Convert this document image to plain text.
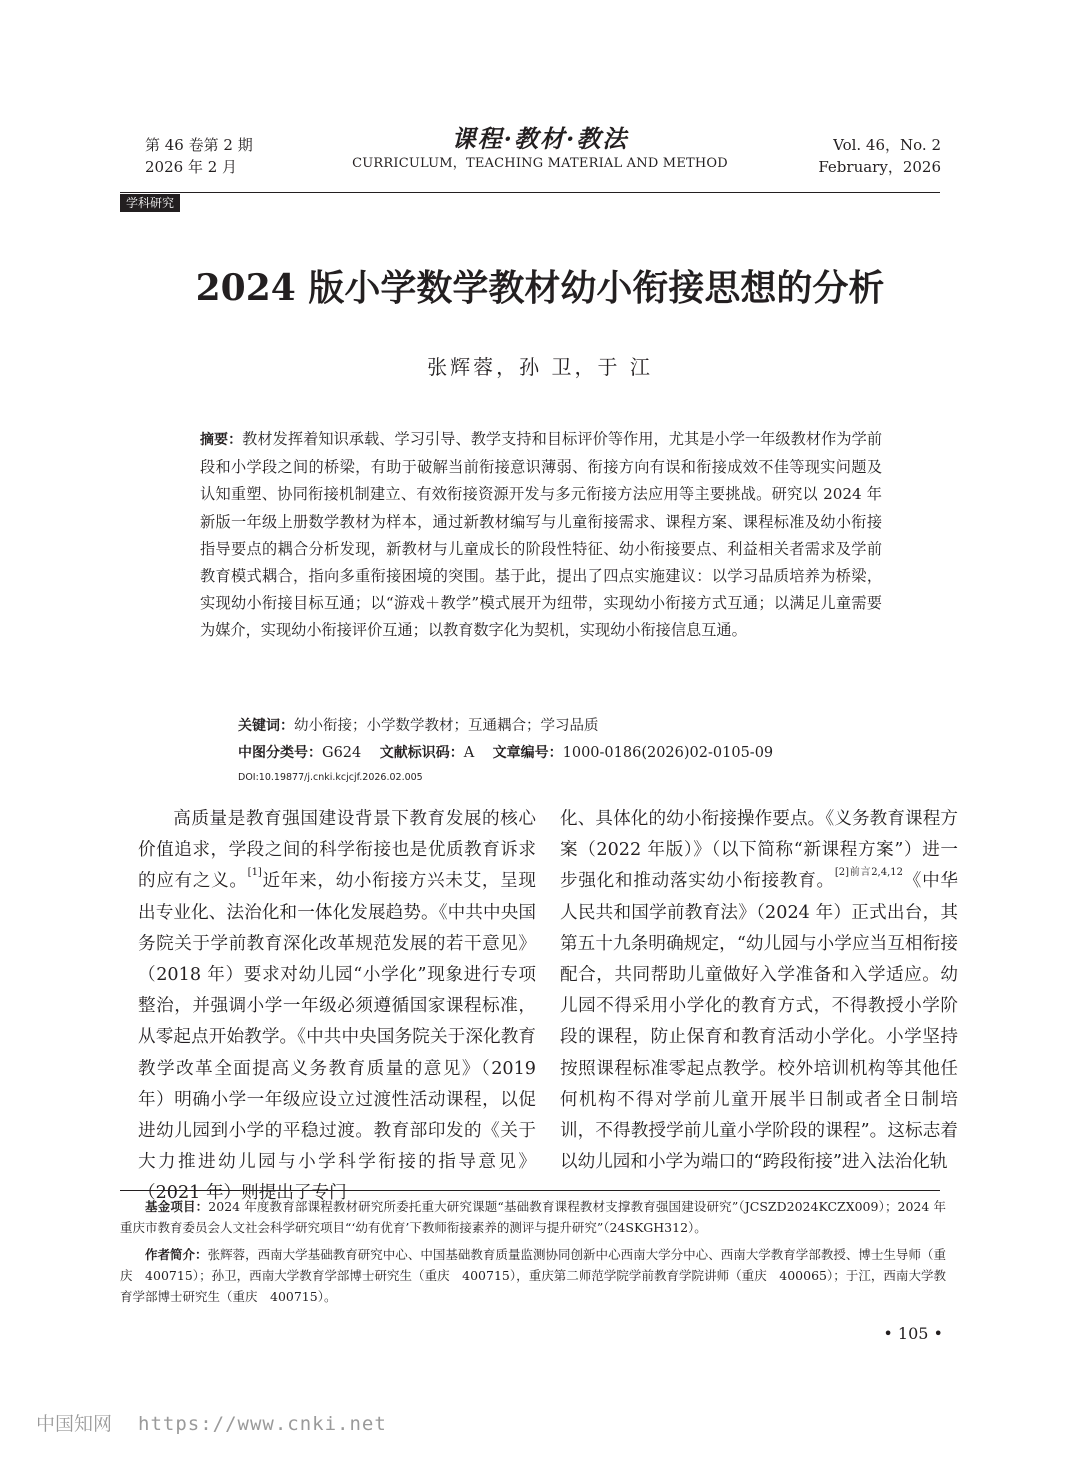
第 46 卷第 2 期
2026 年 2 月
课程·教材·教法
CURRICULUM，TEACHING MATERIAL AND METHOD
Vol. 46，No. 2
February，2026
学科研究
2024 版小学数学教材幼小衔接思想的分析
张辉蓉，孙 卫，于 江
摘要：教材发挥着知识承载、学习引导、教学支持和目标评价等作用，尤其是小学一年级教材作为学前段和小学段之间的桥梁，有助于破解当前衔接意识薄弱、衔接方向有误和衔接成效不佳等现实问题及认知重塑、协同衔接机制建立、有效衔接资源开发与多元衔接方法应用等主要挑战。研究以 2024 年新版一年级上册数学教材为样本，通过新教材编写与儿童衔接需求、课程方案、课程标准及幼小衔接指导要点的耦合分析发现，新教材与儿童成长的阶段性特征、幼小衔接要点、利益相关者需求及学前教育模式耦合，指向多重衔接困境的突围。基于此，提出了四点实施建议：以学习品质培养为桥梁，实现幼小衔接目标互通；以“游戏＋教学”模式展开为纽带，实现幼小衔接方式互通；以满足儿童需要为媒介，实现幼小衔接评价互通；以教育数字化为契机，实现幼小衔接信息互通。
关键词：幼小衔接；小学数学教材；互通耦合；学习品质
中图分类号：G624 文献标识码：A 文章编号：1000-0186(2026)02-0105-09
DOI:10.19877/j.cnki.kcjcjf.2026.02.005
高质量是教育强国建设背景下教育发展的核心价值追求，学段之间的科学衔接也是优质教育诉求的应有之义。[1]近年来，幼小衔接方兴未艾，呈现出专业化、法治化和一体化发展趋势。《中共中央国务院关于学前教育深化改革规范发展的若干意见》（2018 年）要求对幼儿园“小学化”现象进行专项整治，并强调小学一年级必须遵循国家课程标准，从零起点开始教学。《中共中央国务院关于深化教育教学改革全面提高义务教育质量的意见》（2019 年）明确小学一年级应设立过渡性活动课程，以促进幼儿园到小学的平稳过渡。教育部印发的《关于大力推进幼儿园与小学科学衔接的指导意见》（2021 年）则提出了专门
化、具体化的幼小衔接操作要点。《义务教育课程方案（2022 年版）》（以下简称“新课程方案”）进一步强化和推动落实幼小衔接教育。$^{[2]前言2,4,12}$《中华人民共和国学前教育法》（2024 年）正式出台，其第五十九条明确规定，“幼儿园与小学应当互相衔接配合，共同帮助儿童做好入学准备和入学适应。幼儿园不得采用小学化的教育方式，不得教授小学阶段的课程，防止保育和教育活动小学化。小学坚持按照课程标准零起点教学。校外培训机构等其他任何机构不得对学前儿童开展半日制或者全日制培训，不得教授学前儿童小学阶段的课程”。这标志着以幼儿园和小学为端口的“跨段衔接”进入法治化轨
基金项目：2024 年度教育部课程教材研究所委托重大研究课题“基础教育课程教材支撑教育强国建设研究”（JCSZD2024KCZX009）；2024 年重庆市教育委员会人文社会科学研究项目“‘幼有优育’下教师衔接素养的测评与提升研究”（24SKGH312）。
作者简介：张辉蓉，西南大学基础教育研究中心、中国基础教育质量监测协同创新中心西南大学分中心、西南大学教育学部教授、博士生导师（重庆　400715）；孙卫，西南大学教育学部博士研究生（重庆　400715），重庆第二师范学院学前教育学院讲师（重庆　400065）；于江，西南大学教育学部博士研究生（重庆　400715）。
• 105 •
中国知网 https://www.cnki.net
